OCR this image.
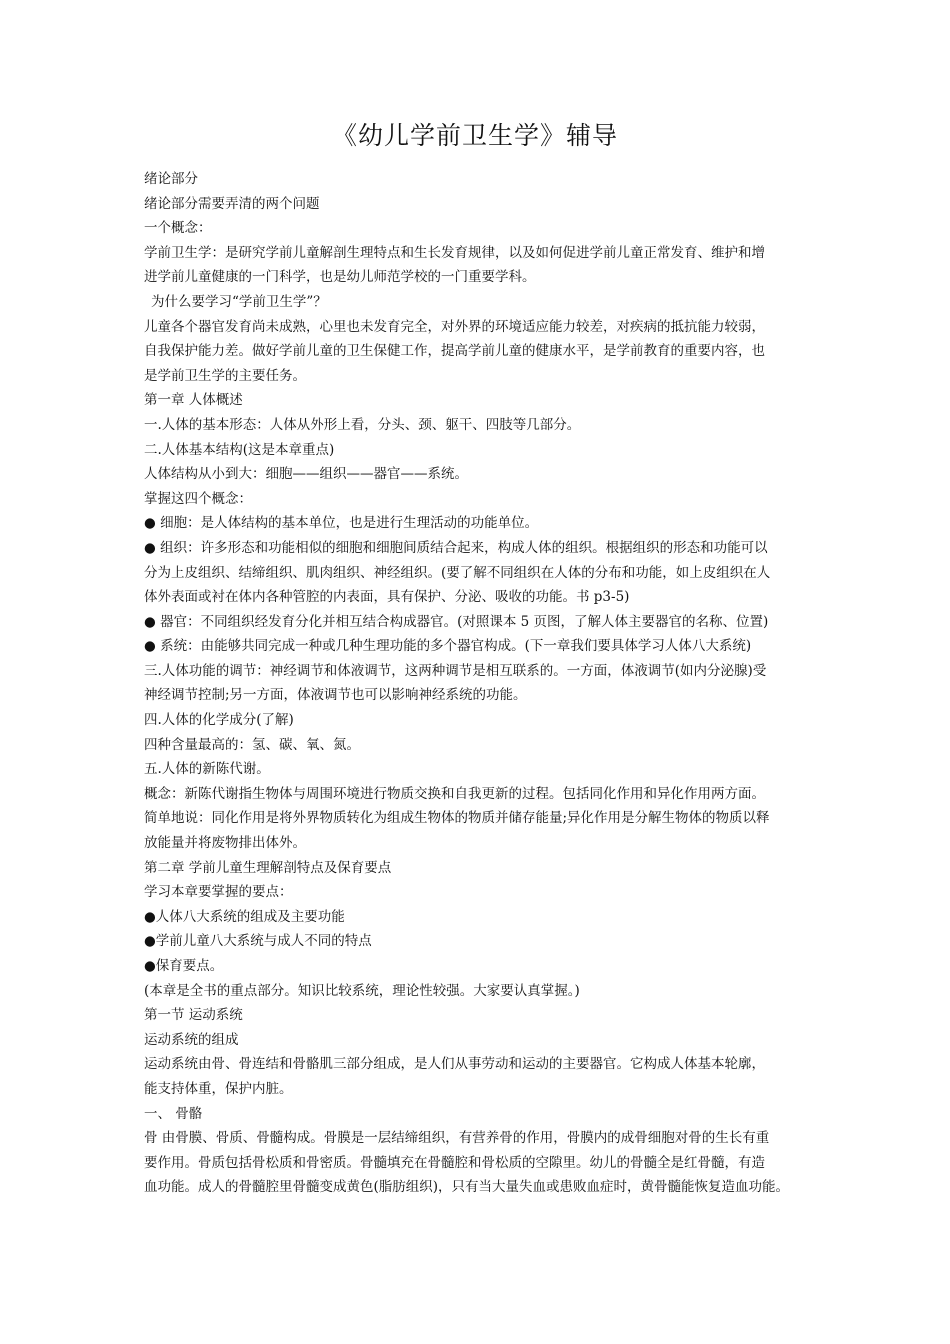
《幼儿学前卫生学》辅导
绪论部分
绪论部分需要弄清的两个问题
一个概念：
学前卫生学：是研究学前儿童解剖生理特点和生长发育规律，以及如何促进学前儿童正常发育、维护和增
进学前儿童健康的一门科学，也是幼儿师范学校的一门重要学科。
为什么要学习“学前卫生学”？
儿童各个器官发育尚未成熟，心里也未发育完全，对外界的环境适应能力较差，对疾病的抵抗能力较弱，
自我保护能力差。做好学前儿童的卫生保健工作，提高学前儿童的健康水平，是学前教育的重要内容，也
是学前卫生学的主要任务。
第一章 人体概述
一.人体的基本形态：人体从外形上看，分头、颈、躯干、四肢等几部分。
二.人体基本结构(这是本章重点)
人体结构从小到大：细胞——组织——器官——系统。
掌握这四个概念：
● 细胞：是人体结构的基本单位，也是进行生理活动的功能单位。
● 组织：许多形态和功能相似的细胞和细胞间质结合起来，构成人体的组织。根据组织的形态和功能可以
分为上皮组织、结缔组织、肌肉组织、神经组织。(要了解不同组织在人体的分布和功能，如上皮组织在人
体外表面或衬在体内各种管腔的内表面，具有保护、分泌、吸收的功能。书 p3-5)
● 器官：不同组织经发育分化并相互结合构成器官。(对照课本 5 页图，了解人体主要器官的名称、位置)
● 系统：由能够共同完成一种或几种生理功能的多个器官构成。(下一章我们要具体学习人体八大系统)
三.人体功能的调节：神经调节和体液调节，这两种调节是相互联系的。一方面，体液调节(如内分泌腺)受
神经调节控制;另一方面，体液调节也可以影响神经系统的功能。
四.人体的化学成分(了解)
四种含量最高的：氢、碳、氧、氮。
五.人体的新陈代谢。
概念：新陈代谢指生物体与周围环境进行物质交换和自我更新的过程。包括同化作用和异化作用两方面。
简单地说：同化作用是将外界物质转化为组成生物体的物质并储存能量;异化作用是分解生物体的物质以释
放能量并将废物排出体外。
第二章 学前儿童生理解剖特点及保育要点
学习本章要掌握的要点：
●人体八大系统的组成及主要功能
●学前儿童八大系统与成人不同的特点
●保育要点。
(本章是全书的重点部分。知识比较系统，理论性较强。大家要认真掌握。)
第一节 运动系统
运动系统的组成
运动系统由骨、骨连结和骨骼肌三部分组成，是人们从事劳动和运动的主要器官。它构成人体基本轮廓，
能支持体重，保护内脏。
一、 骨骼
骨 由骨膜、骨质、骨髓构成。骨膜是一层结缔组织，有营养骨的作用，骨膜内的成骨细胞对骨的生长有重
要作用。骨质包括骨松质和骨密质。骨髓填充在骨髓腔和骨松质的空隙里。幼儿的骨髓全是红骨髓，有造
血功能。成人的骨髓腔里骨髓变成黄色(脂肪组织)，只有当大量失血或患败血症时，黄骨髓能恢复造血功能。
